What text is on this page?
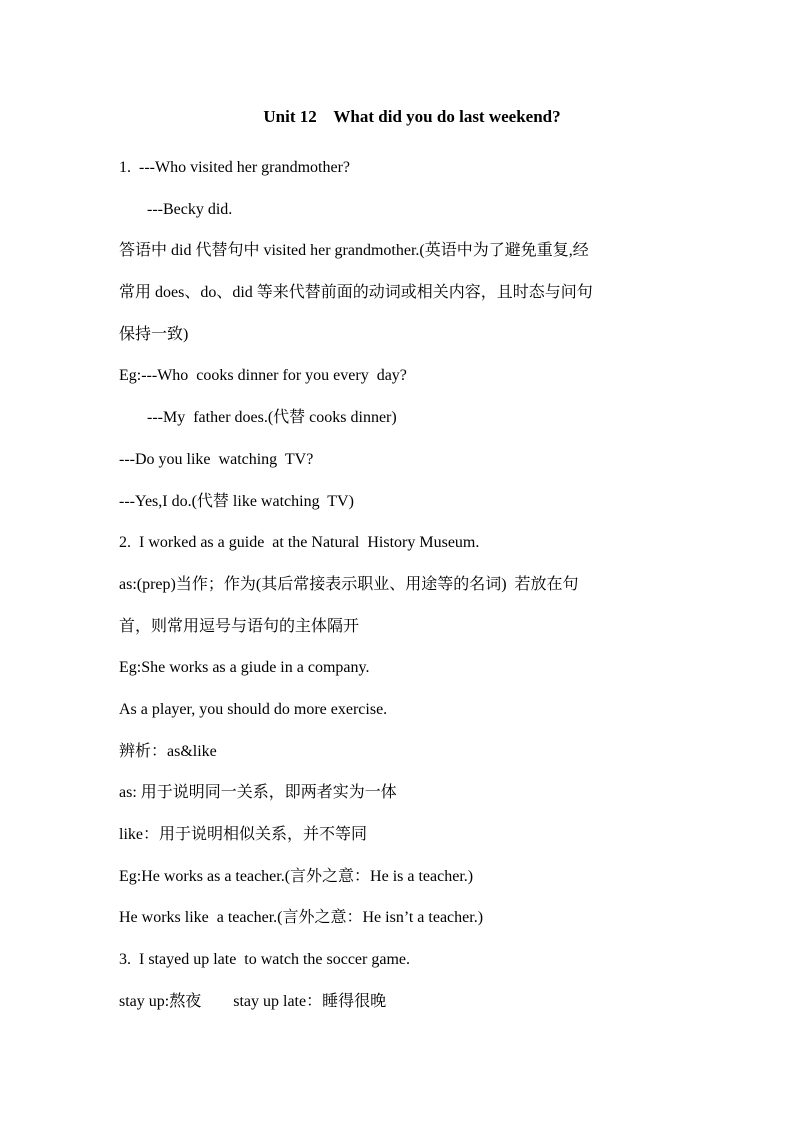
Unit 12    What did you do last weekend?
1.  ---Who visited her grandmother?
---Becky did.
答语中 did 代替句中 visited her grandmother.(英语中为了避免重复,经
常用 does、do、did 等来代替前面的动词或相关内容，且时态与问句
保持一致)
Eg:---Who  cooks dinner for you every  day?
---My  father does.(代替 cooks dinner)
---Do you like  watching  TV?
---Yes,I do.(代替 like watching  TV)
2.  I worked as a guide  at the Natural  History Museum.
as:(prep)当作；作为(其后常接表示职业、用途等的名词)  若放在句
首，则常用逗号与语句的主体隔开
Eg:She works as a giude in a company.
As a player, you should do more exercise.
辨析：as&like
as: 用于说明同一关系，即两者实为一体
like：用于说明相似关系，并不等同
Eg:He works as a teacher.(言外之意：He is a teacher.)
He works like  a teacher.(言外之意：He isn’t a teacher.)
3.  I stayed up late  to watch the soccer game.
stay up:熬夜        stay up late：睡得很晚
